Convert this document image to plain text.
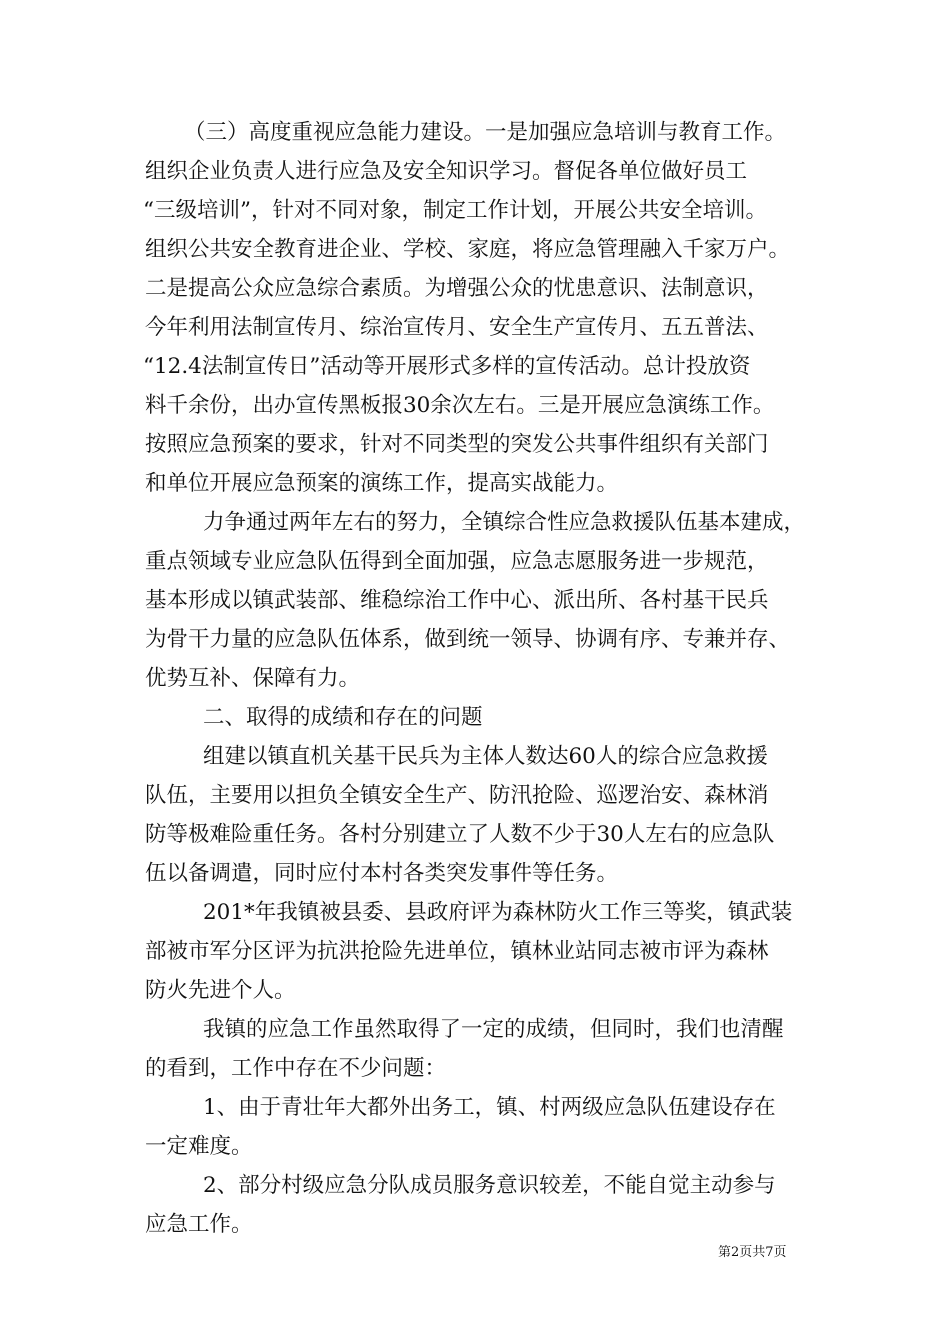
（三）高度重视应急能力建设。一是加强应急培训与教育工作。
组织企业负责人进行应急及安全知识学习。督促各单位做好员工
“三级培训”，针对不同对象，制定工作计划，开展公共安全培训。
组织公共安全教育进企业、学校、家庭，将应急管理融入千家万户。
二是提高公众应急综合素质。为增强公众的忧患意识、法制意识，
今年利用法制宣传月、综治宣传月、安全生产宣传月、五五普法、
“12.4法制宣传日”活动等开展形式多样的宣传活动。总计投放资
料千余份，出办宣传黑板报30余次左右。三是开展应急演练工作。
按照应急预案的要求，针对不同类型的突发公共事件组织有关部门
和单位开展应急预案的演练工作，提高实战能力。
力争通过两年左右的努力，全镇综合性应急救援队伍基本建成，
重点领域专业应急队伍得到全面加强，应急志愿服务进一步规范，
基本形成以镇武装部、维稳综治工作中心、派出所、各村基干民兵
为骨干力量的应急队伍体系，做到统一领导、协调有序、专兼并存、
优势互补、保障有力。
二、取得的成绩和存在的问题
组建以镇直机关基干民兵为主体人数达60人的综合应急救援
队伍，主要用以担负全镇安全生产、防汛抢险、巡逻治安、森林消
防等极难险重任务。各村分别建立了人数不少于30人左右的应急队
伍以备调遣，同时应付本村各类突发事件等任务。
201*年我镇被县委、县政府评为森林防火工作三等奖，镇武装
部被市军分区评为抗洪抢险先进单位，镇林业站同志被市评为森林
防火先进个人。
我镇的应急工作虽然取得了一定的成绩，但同时，我们也清醒
的看到，工作中存在不少问题：
1、由于青壮年大都外出务工，镇、村两级应急队伍建设存在
一定难度。
2、部分村级应急分队成员服务意识较差，不能自觉主动参与
应急工作。
第2页共7页
